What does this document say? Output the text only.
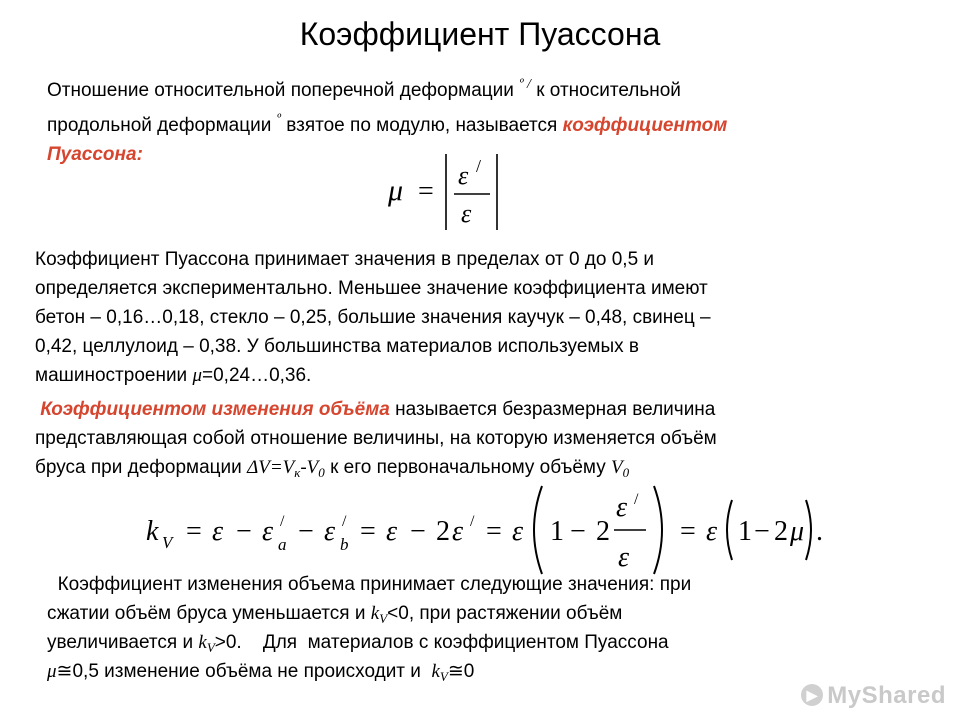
Коэффициент Пуассона
Отношение относительной поперечной деформации $^{º /}$ к относительной
продольной деформации $^º$ взятое по модулю, называется коэффициентом
Пуассона:
μ =
ε /
ε
Коэффициент Пуассона принимает значения в пределах от 0 до 0,5 и
определяется экспериментально. Меньшее значение коэффициента имеют
бетон – 0,16…0,18, стекло – 0,25, большие значения каучук – 0,48, свинец –
0,42, целлулоид – 0,38. У большинства материалов используемых в
машиностроении μ=0,24…0,36.
Коэффициентом изменения объёма называется безразмерная величина
представляющая собой отношение величины, на которую изменяется объём
бруса при деформации $\Delta V=V_к-V_0$ к его первоначальному объёму $V_0$
k V = ε − ε /
a − ε /
b = ε − 2 ε / = ε 1 − 2
ε /
ε
= ε 1 − 2 μ .
Коэффициент изменения объема принимает следующие значения: при
сжатии объём бруса уменьшается и $k_V<0$, при растяжении объём
увеличивается и $k_V>0$.    Для  материалов с коэффициентом Пуассона
μ≅0,5 изменение объёма не происходит и  $k_V≅0$
▶ MyShared
